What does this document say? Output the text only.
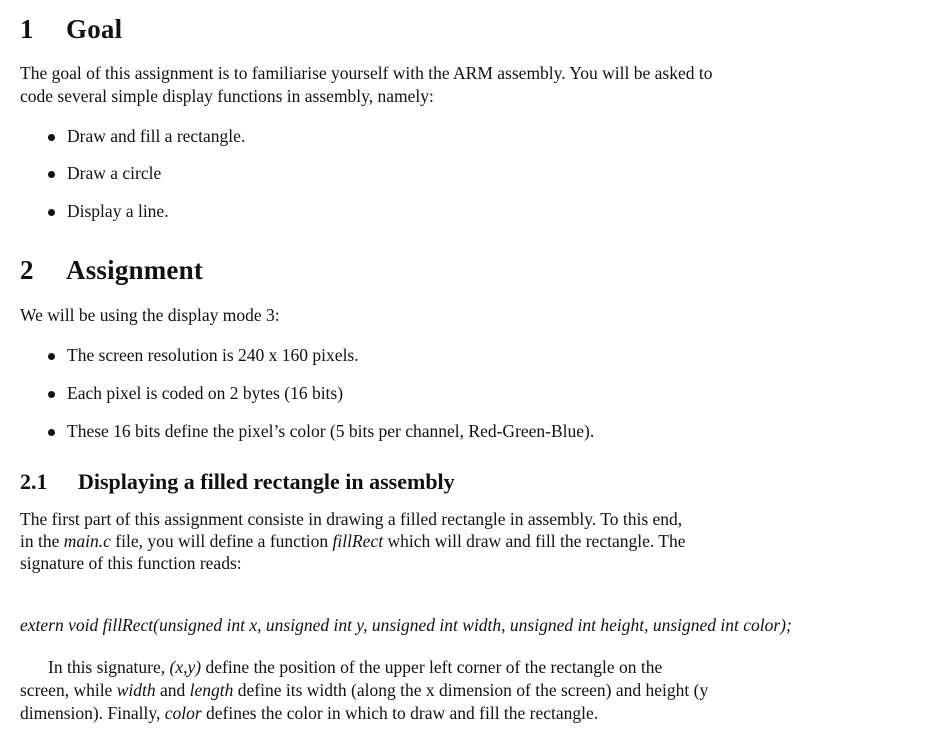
1 Goal
The goal of this assignment is to familiarise yourself with the ARM assembly. You will be asked to
code several simple display functions in assembly, namely:
Draw and fill a rectangle.
Draw a circle
Display a line.
2 Assignment
We will be using the display mode 3:
The screen resolution is 240 x 160 pixels.
Each pixel is coded on 2 bytes (16 bits)
These 16 bits define the pixel’s color (5 bits per channel, Red-Green-Blue).
2.1 Displaying a filled rectangle in assembly
The first part of this assignment consiste in drawing a filled rectangle in assembly. To this end,
in the main.c file, you will define a function fillRect which will draw and fill the rectangle. The
signature of this function reads:
extern void fillRect(unsigned int x, unsigned int y, unsigned int width, unsigned int height, unsigned int color);
In this signature, (x,y) define the position of the upper left corner of the rectangle on the
screen, while width and length define its width (along the x dimension of the screen) and height (y
dimension). Finally, color defines the color in which to draw and fill the rectangle.
